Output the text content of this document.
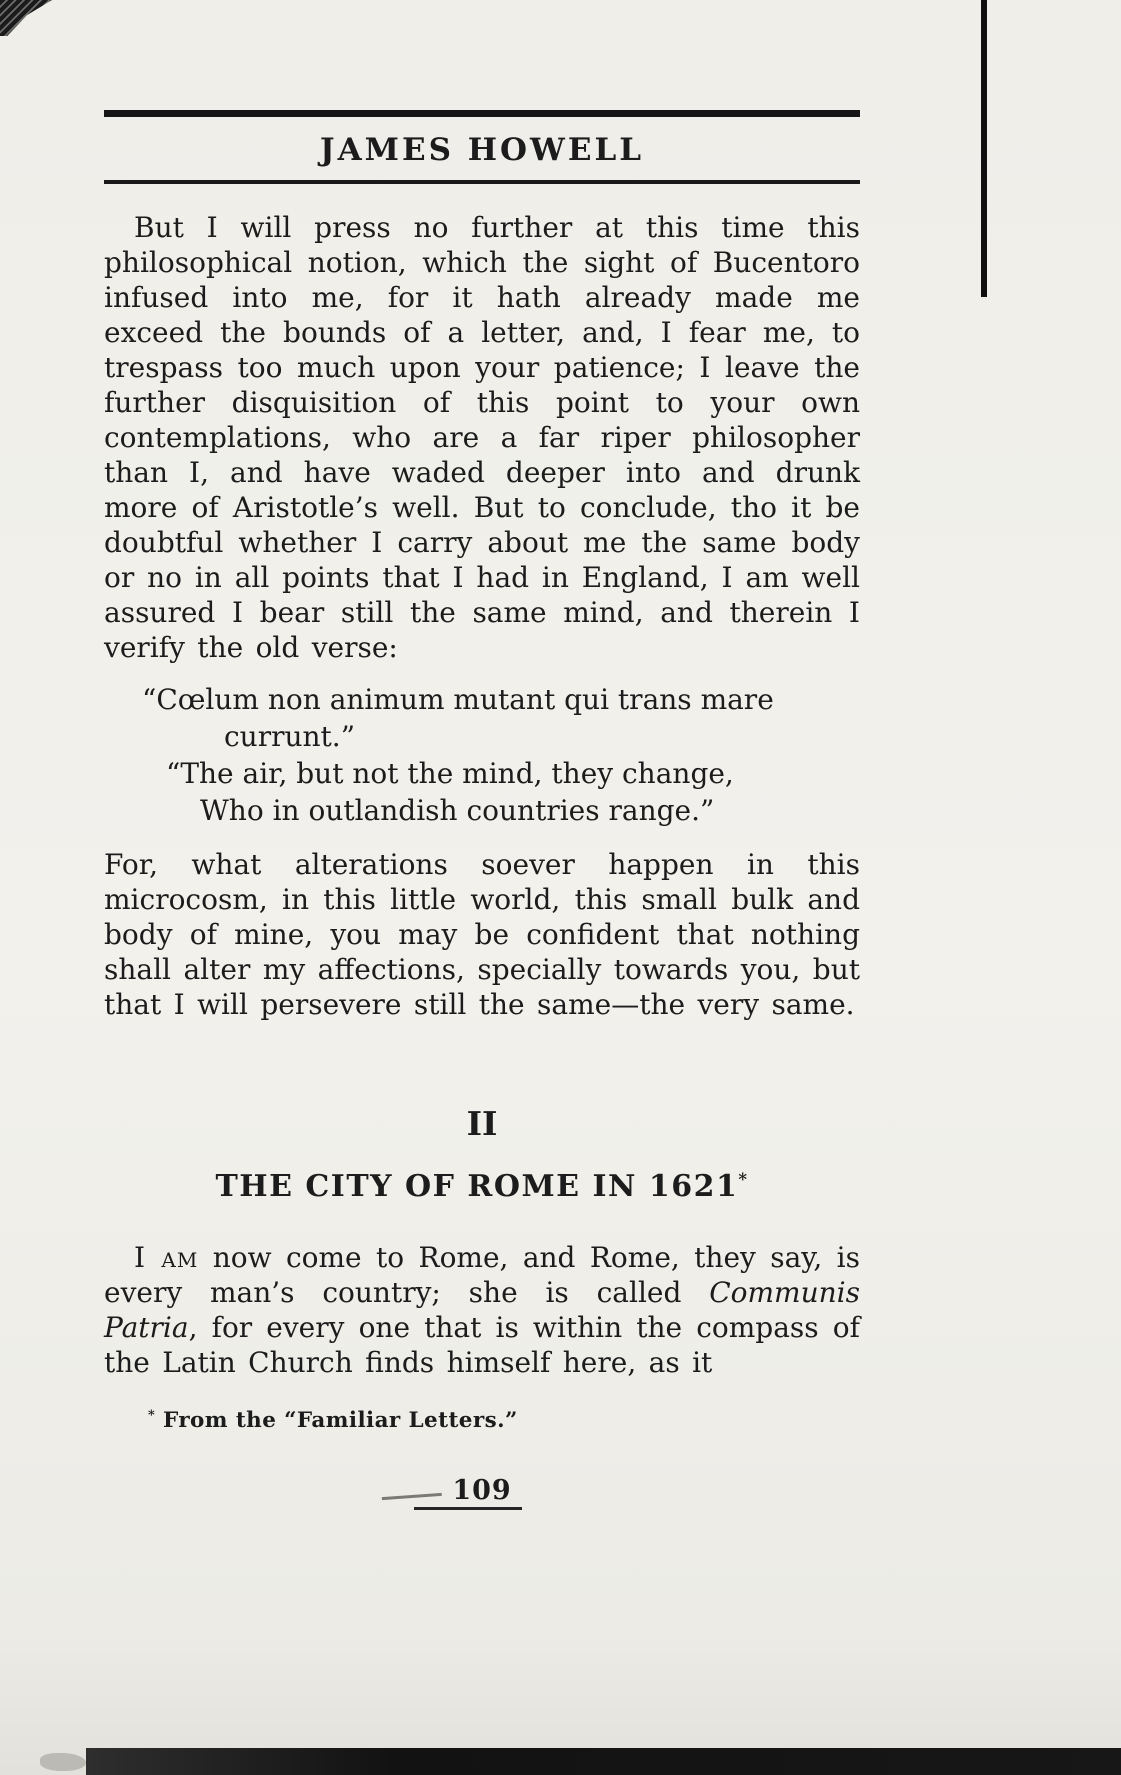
JAMES HOWELL

But I will press no further at this time this philosophical notion, which the sight of Bucentoro infused into me, for it hath already made me exceed the bounds of a letter, and, I fear me, to trespass too much upon your patience; I leave the further disquisition of this point to your own contemplations, who are a far riper philosopher than I, and have waded deeper into and drunk more of Aristotle’s well. But to conclude, tho it be doubtful whether I carry about me the same body or no in all points that I had in England, I am well assured I bear still the same mind, and therein I verify the old verse:

“Cœlum non animum mutant qui trans mare
currunt.”
“The air, but not the mind, they change,
Who in outlandish countries range.”

For, what alterations soever happen in this microcosm, in this little world, this small bulk and body of mine, you may be confident that nothing shall alter my affections, specially towards you, but that I will persevere still the same—the very same.

II
THE CITY OF ROME IN 1621*

I am now come to Rome, and Rome, they say, is every man’s country; she is called Communis Patria, for every one that is within the compass of the Latin Church finds himself here, as it

* From the “Familiar Letters.”
109
